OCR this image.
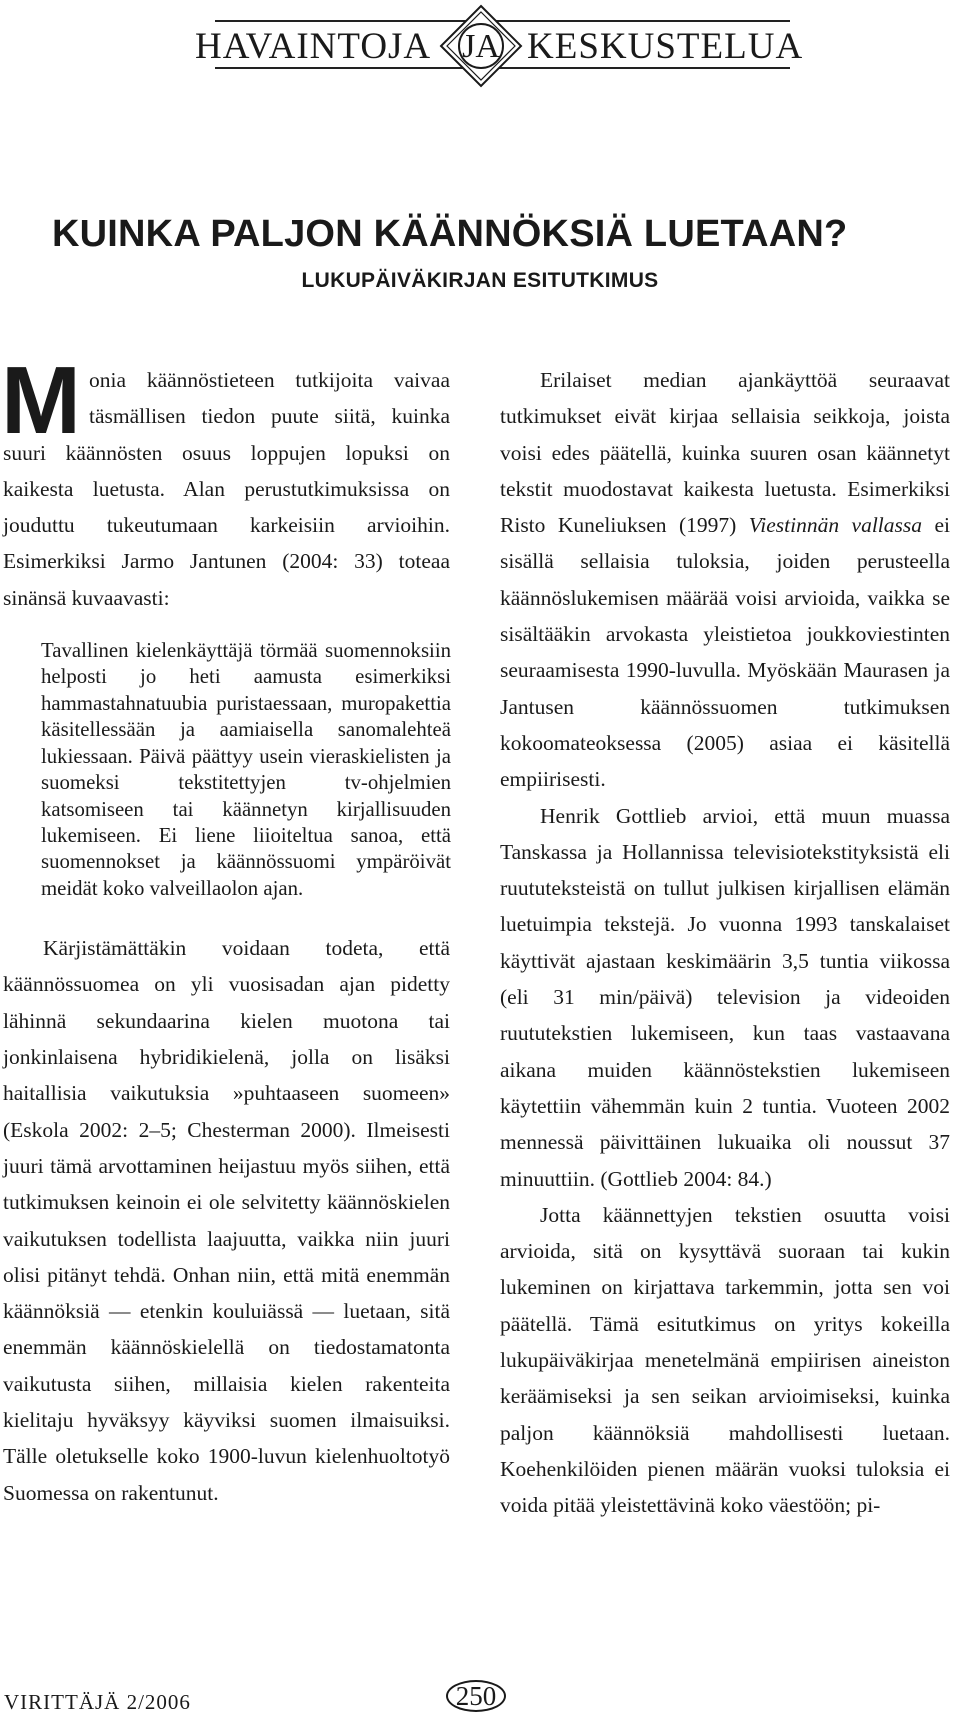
HAVAINTOJA JA KESKUSTELUA
KUINKA PALJON KÄÄNNÖKSIÄ LUETAAN?
LUKUPÄIVÄKIRJAN ESITUTKIMUS

Monia käännöstieteen tutkijoita vaivaa täsmällisen tiedon puute siitä, kuinka suuri käännösten osuus loppujen lopuksi on kaikesta luetusta. Alan perustutkimuksissa on jouduttu tukeutumaan karkeisiin arvioihin. Esimerkiksi Jarmo Jantunen (2004: 33) toteaa sinänsä kuvaavasti:

Tavallinen kielenkäyttäjä törmää suomennoksiin helposti jo heti aamusta esimerkiksi hammastahnatuubia puristaessaan, muropakettia käsitellessään ja aamiaisella sanomalehteä lukiessaan. Päivä päättyy usein vieraskielisten ja suomeksi tekstitettyjen tv-ohjelmien katsomiseen tai käännetyn kirjallisuuden lukemiseen. Ei liene liioiteltua sanoa, että suomennokset ja käännössuomi ympäröivät meidät koko valveillaolon ajan.

Kärjistämättäkin voidaan todeta, että käännössuomea on yli vuosisadan ajan pidetty lähinnä sekundaarina kielen muotona tai jonkinlaisena hybridikielenä, jolla on lisäksi haitallisia vaikutuksia »puhtaaseen suomeen» (Eskola 2002: 2–5; Chesterman 2000). Ilmeisesti juuri tämä arvottaminen heijastuu myös siihen, että tutkimuksen keinoin ei ole selvitetty käännöskielen vaikutuksen todellista laajuutta, vaikka niin juuri olisi pitänyt tehdä. Onhan niin, että mitä enemmän käännöksiä — etenkin kouluiässä — luetaan, sitä enemmän käännöskielellä on tiedostamatonta vaikutusta siihen, millaisia kielen rakenteita kielitaju hyväksyy käyviksi suomen ilmaisuiksi. Tälle oletukselle koko 1900-luvun kielenhuoltotyö Suomessa on rakentunut.

Erilaiset median ajankäyttöä seuraavat tutkimukset eivät kirjaa sellaisia seikkoja, joista voisi edes päätellä, kuinka suuren osan käännetyt tekstit muodostavat kaikesta luetusta. Esimerkiksi Risto Kuneliuksen (1997) Viestinnän vallassa ei sisällä sellaisia tuloksia, joiden perusteella käännöslukemisen määrää voisi arvioida, vaikka se sisältääkin arvokasta yleistietoa joukkoviestinten seuraamisesta 1990-luvulla. Myöskään Maurasen ja Jantusen käännössuomen tutkimuksen kokoomateoksessa (2005) asiaa ei käsitellä empiirisesti.

Henrik Gottlieb arvioi, että muun muassa Tanskassa ja Hollannissa televisiotekstityksistä eli ruututeksteistä on tullut julkisen kirjallisen elämän luetuimpia tekstejä. Jo vuonna 1993 tanskalaiset käyttivät ajastaan keskimäärin 3,5 tuntia viikossa (eli 31 min/päivä) television ja videoiden ruututekstien lukemiseen, kun taas vastaavana aikana muiden käännöstekstien lukemiseen käytettiin vähemmän kuin 2 tuntia. Vuoteen 2002 mennessä päivittäinen lukuaika oli noussut 37 minuuttiin. (Gottlieb 2004: 84.)

Jotta käännettyjen tekstien osuutta voisi arvioida, sitä on kysyttävä suoraan tai kukin lukeminen on kirjattava tarkemmin, jotta sen voi päätellä. Tämä esitutkimus on yritys kokeilla lukupäiväkirjaa menetelmänä empiirisen aineiston keräämiseksi ja sen seikan arvioimiseksi, kuinka paljon käännöksiä mahdollisesti luetaan. Koehenkilöiden pienen määrän vuoksi tuloksia ei voida pitää yleistettävinä koko väestöön; pi-

VIRITTÄJÄ 2/2006	250
